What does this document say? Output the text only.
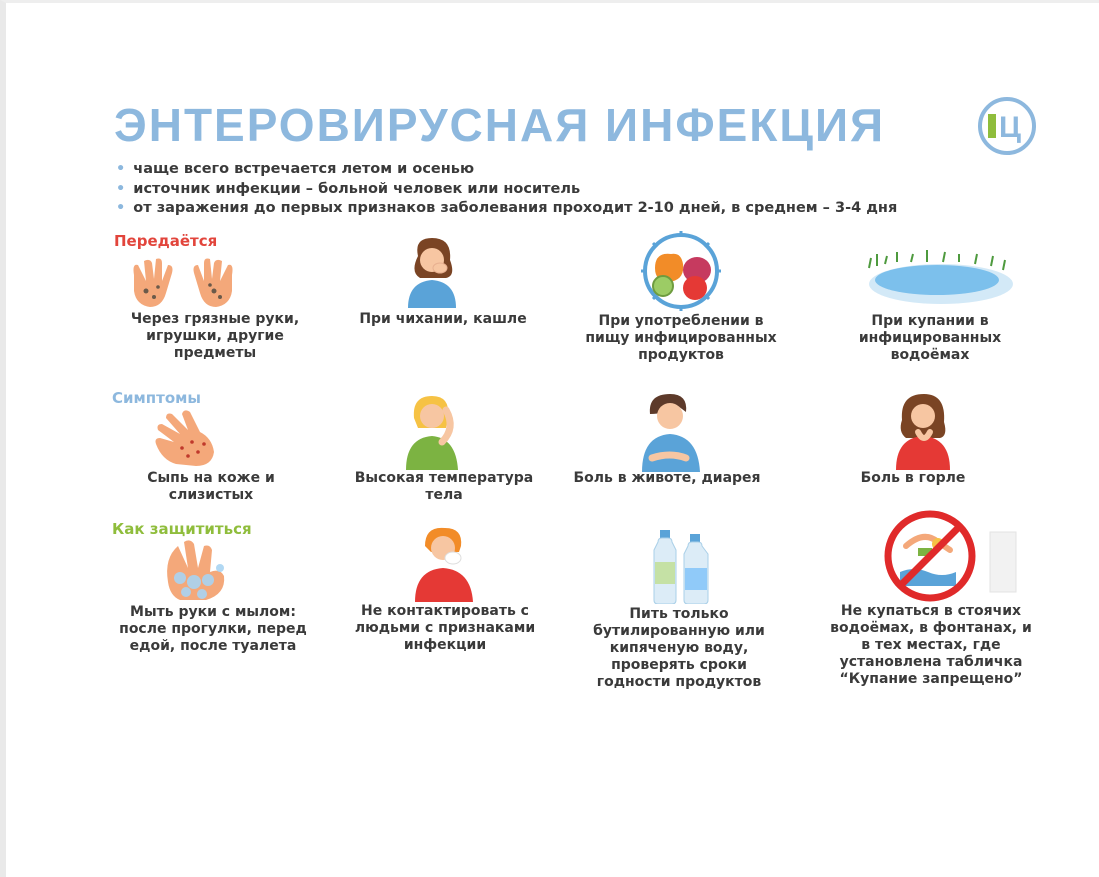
ЭНТЕРОВИРУСНАЯ ИНФЕКЦИЯ	Ц
• чаще всего встречается летом и осенью
• источник инфекции – больной человек или носитель
• от заражения до первых признаков заболевания проходит 2-10 дней, в среднем – 3-4 дня
Передаётся
Симптомы
Как защититься
Через грязные руки, игрушки, другие предметы
При чихании, кашле	При употреблении в пищу инфицированных продуктов
При купании в инфицированных водоёмах
Сыпь на коже и слизистых
Высокая температура тела
Боль в животе, диарея	Боль в горле
Мыть руки с мылом: после прогулки, перед едой, после туалета
Не контактировать с людьми с признаками инфекции
Пить только бутилированную или кипяченую воду, проверять сроки годности продуктов
Не купаться в стоячих водоёмах, в фонтанах, и в тех местах, где установлена табличка “Купание запрещено”
